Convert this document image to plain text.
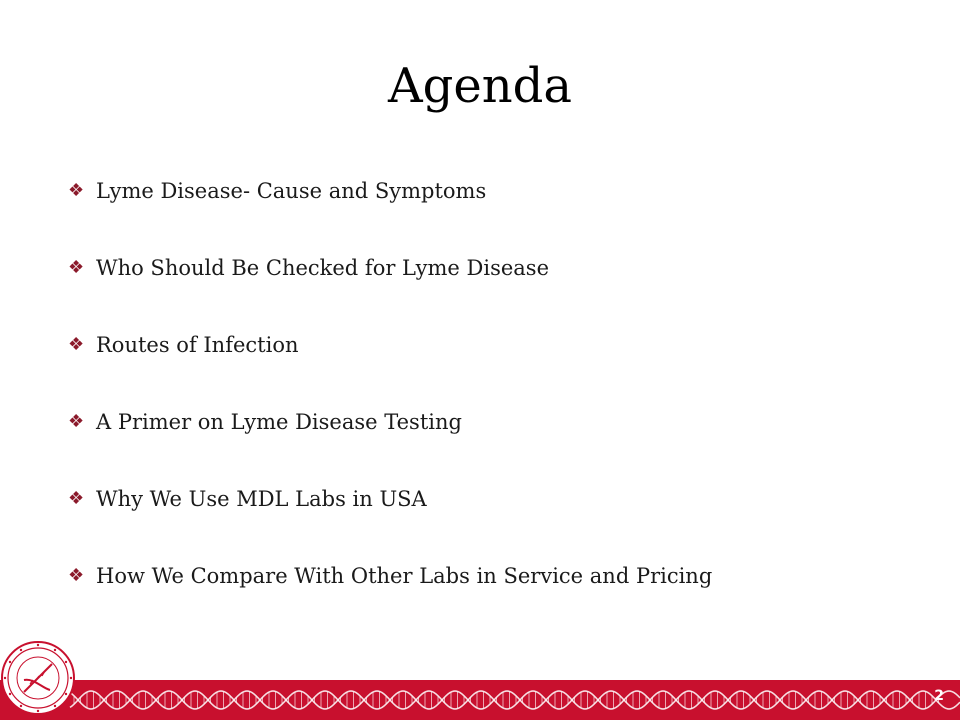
Agenda
❖ Lyme Disease- Cause and Symptoms
❖ Who Should Be Checked for Lyme Disease
❖ Routes of Infection
❖ A Primer on Lyme Disease Testing
❖ Why We Use MDL Labs in USA
❖ How We Compare With Other Labs in Service and Pricing
2
